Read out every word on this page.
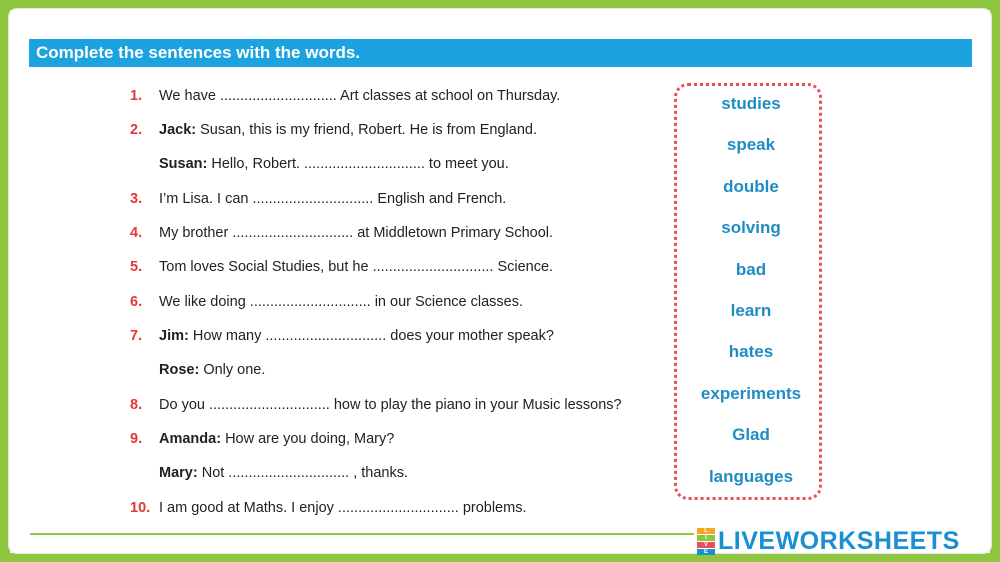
Complete the sentences with the words.
1. We have ............................. Art classes at school on Thursday.
2. Jack: Susan, this is my friend, Robert. He is from England.
Susan: Hello, Robert. .............................. to meet you.
3. I’m Lisa. I can .............................. English and French.
4. My brother .............................. at Middletown Primary School.
5. Tom loves Social Studies, but he .............................. Science.
6. We like doing .............................. in our Science classes.
7. Jim: How many .............................. does your mother speak?
Rose: Only one.
8. Do you .............................. how to play the piano in your Music lessons?
9. Amanda: How are you doing, Mary?
Mary: Not .............................. , thanks.
10. I am good at Maths. I enjoy .............................. problems.
studies
speak
double
solving
bad
learn
hates
experiments
Glad
languages
L
I
V
E LIVEWORKSHEETS
